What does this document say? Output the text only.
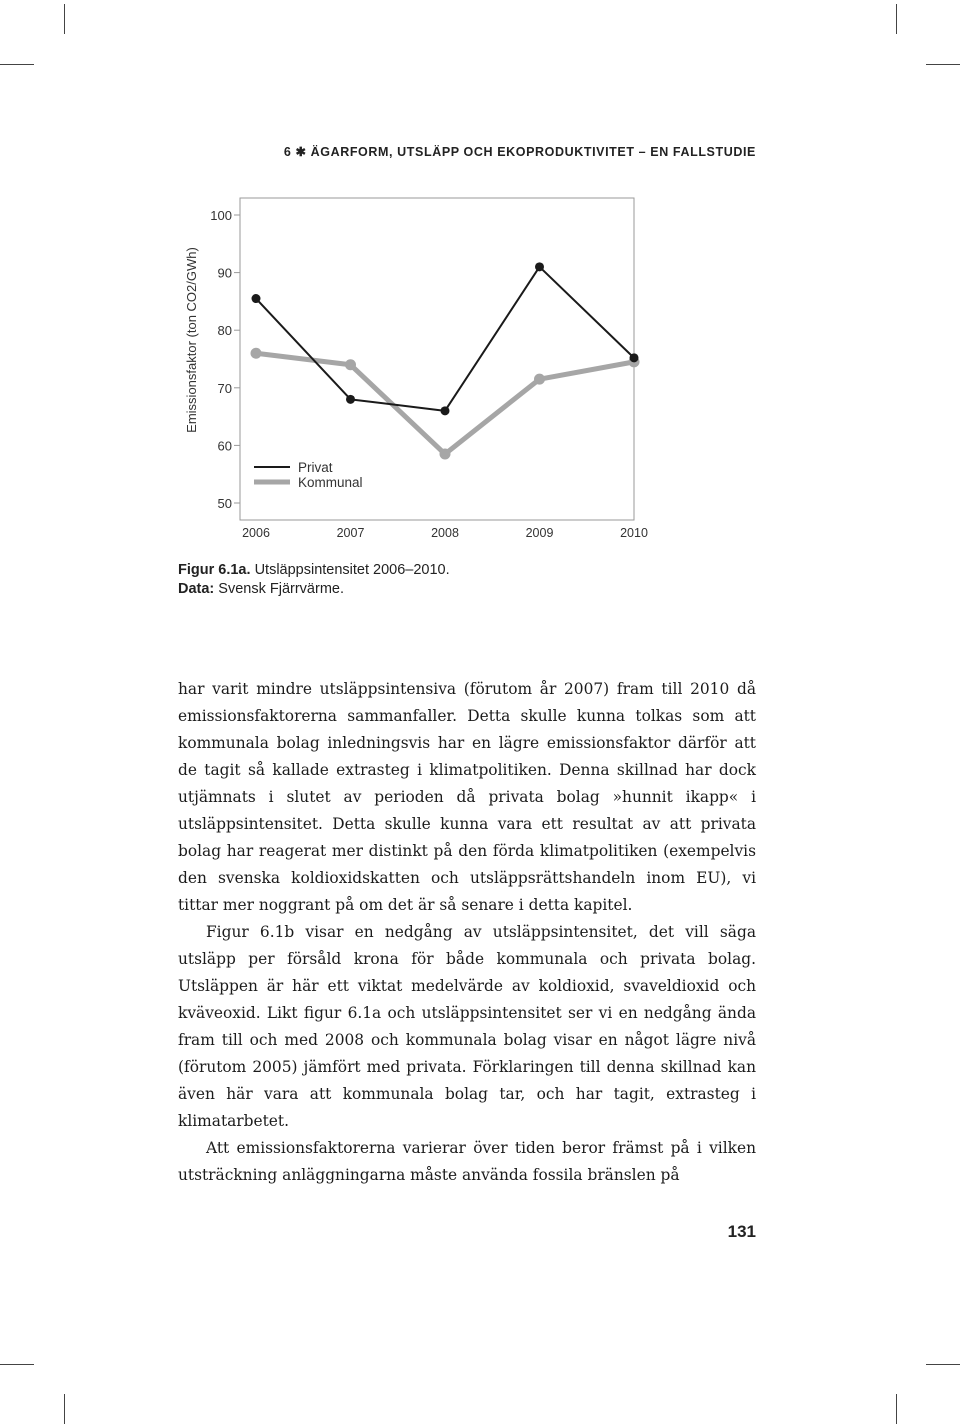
6 ✱ ÄGARFORM, UTSLÄPP OCH EKOPRODUKTIVITET – EN FALLSTUDIE
Emissionsfaktor (ton CO2/GWh)
50
60
70
80
90
100
2006	2007	2008	2009	2010
Privat
Kommunal
Figur 6.1a. Utsläppsintensitet 2006–2010.
Data: Svensk Fjärrvärme.

har varit mindre utsläppsintensiva (förutom år 2007) fram till 2010 då emissionsfaktorerna sammanfaller. Detta skulle kunna tolkas som att kommunala bolag inledningsvis har en lägre emissionsfaktor därför att de tagit så kallade extrasteg i klimatpolitiken. Denna skillnad har dock utjämnats i slutet av perioden då privata bolag »hunnit ikapp« i utsläppsintensitet. Detta skulle kunna vara ett resultat av att privata bolag har reagerat mer distinkt på den förda klimatpolitiken (exempelvis den svenska koldioxidskatten och utsläppsrättshandeln inom EU), vi tittar mer noggrant på om det är så senare i detta kapitel.

Figur 6.1b visar en nedgång av utsläppsintensitet, det vill säga utsläpp per försåld krona för både kommunala och privata bolag. Utsläppen är här ett viktat medelvärde av koldioxid, svaveldioxid och kväveoxid. Likt figur 6.1a och utsläppsintensitet ser vi en nedgång ända fram till och med 2008 och kommunala bolag visar en något lägre nivå (förutom 2005) jämfört med privata. Förklaringen till denna skillnad kan även här vara att kommunala bolag tar, och har tagit, extrasteg i klimatarbetet.

Att emissionsfaktorerna varierar över tiden beror främst på i vilken utsträckning anläggningarna måste använda fossila bränslen på

131
